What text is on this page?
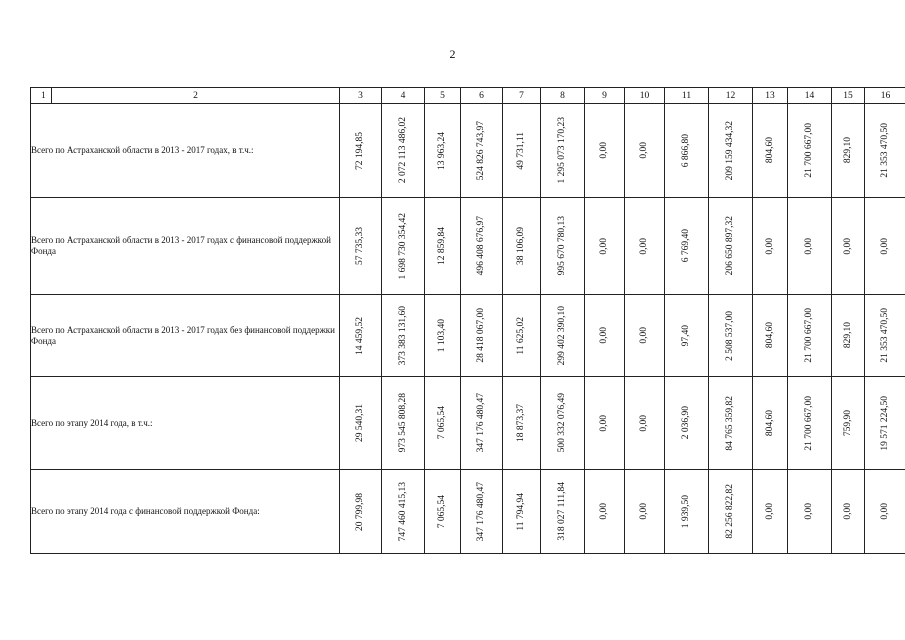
2
1	2	3	4	5	6	7	8	9	10	11	12	13	14	15	16
Всего по Астраханской области в 2013 - 2017 годах, в т.ч.:		72 194,85	2 072 113 486,02	13 963,24	524 826 743,97	49 731,11	1 295 073 170,23	0,00	0,00	6 866,80	209 159 434,32	804,60	21 700 667,00	829,10	21 353 470,50

Всего по Астраханской области в 2013 - 2017 годах с финансовой поддержкой Фонда		57 735,33	1 698 730 354,42	12 859,84	496 408 676,97	38 106,09	995 670 780,13	0,00	0,00	6 769,40	206 650 897,32	0,00	0,00	0,00	0,00

Всего по Астраханской области в 2013 - 2017 годах без финансовой поддержки Фонда		14 459,52	373 383 131,60	1 103,40	28 418 067,00	11 625,02	299 402 390,10	0,00	0,00	97,40	2 508 537,00	804,60	21 700 667,00	829,10	21 353 470,50

Всего по этапу 2014 года, в т.ч.:		29 540,31	973 545 808,28	7 065,54	347 176 480,47	18 873,37	500 332 076,49	0,00	0,00	2 036,90	84 765 359,82	804,60	21 700 667,00	759,90	19 571 224,50

Всего по этапу 2014 года с финансовой поддержкой Фонда:		20 799,98	747 460 415,13	7 065,54	347 176 480,47	11 794,94	318 027 111,84	0,00	0,00	1 939,50	82 256 822,82	0,00	0,00	0,00	0,00
